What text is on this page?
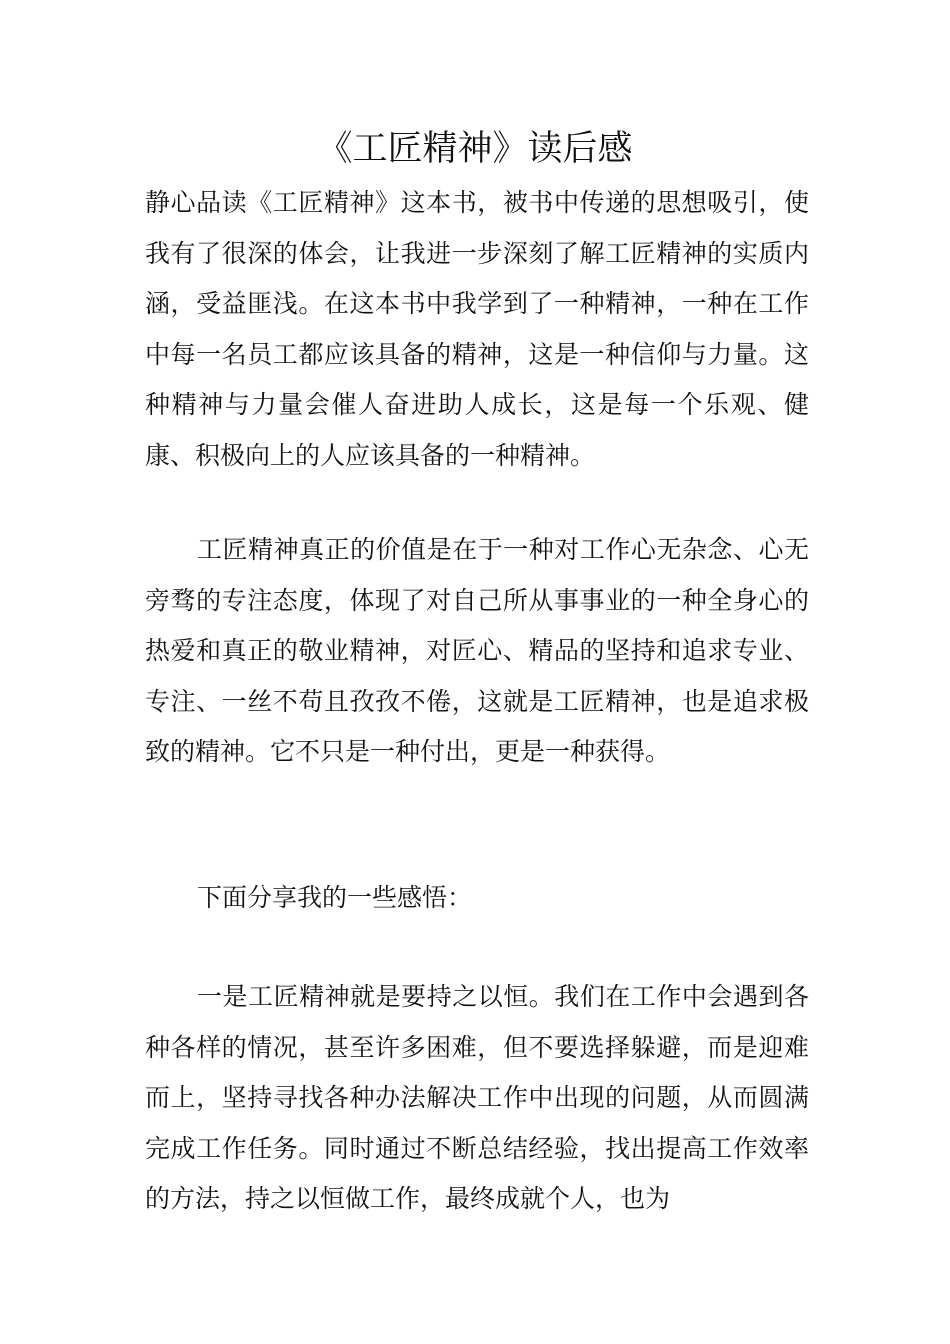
《工匠精神》读后感

静心品读《工匠精神》这本书，被书中传递的思想吸引，使我有了很深的体会，让我进一步深刻了解工匠精神的实质内涵，受益匪浅。在这本书中我学到了一种精神，一种在工作中每一名员工都应该具备的精神，这是一种信仰与力量。这种精神与力量会催人奋进助人成长，这是每一个乐观、健康、积极向上的人应该具备的一种精神。

工匠精神真正的价值是在于一种对工作心无杂念、心无旁骛的专注态度，体现了对自己所从事事业的一种全身心的热爱和真正的敬业精神，对匠心、精品的坚持和追求专业、专注、一丝不苟且孜孜不倦，这就是工匠精神，也是追求极致的精神。它不只是一种付出，更是一种获得。

下面分享我的一些感悟：

一是工匠精神就是要持之以恒。我们在工作中会遇到各种各样的情况，甚至许多困难，但不要选择躲避，而是迎难而上，坚持寻找各种办法解决工作中出现的问题，从而圆满完成工作任务。同时通过不断总结经验，找出提高工作效率的方法，持之以恒做工作，最终成就个人，也为
